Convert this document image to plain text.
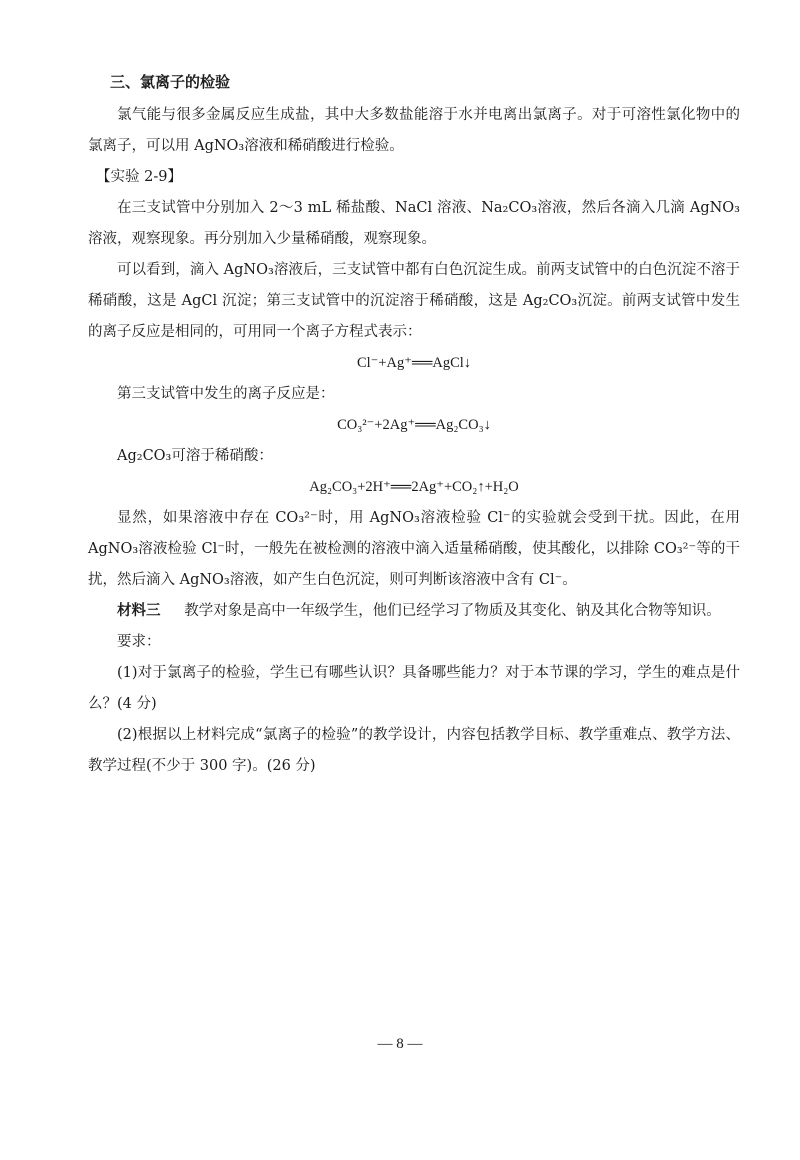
三、氯离子的检验

氯气能与很多金属反应生成盐，其中大多数盐能溶于水并电离出氯离子。对于可溶性氯化物中的氯离子，可以用 AgNO₃溶液和稀硝酸进行检验。

【实验 2-9】

在三支试管中分别加入 2～3 mL 稀盐酸、NaCl 溶液、Na₂CO₃溶液，然后各滴入几滴 AgNO₃溶液，观察现象。再分别加入少量稀硝酸，观察现象。

可以看到，滴入 AgNO₃溶液后，三支试管中都有白色沉淀生成。前两支试管中的白色沉淀不溶于稀硝酸，这是 AgCl 沉淀；第三支试管中的沉淀溶于稀硝酸，这是 Ag₂CO₃沉淀。前两支试管中发生的离子反应是相同的，可用同一个离子方程式表示：

Cl⁻+Ag⁺══AgCl↓

第三支试管中发生的离子反应是：

CO₃²⁻+2Ag⁺══Ag₂CO₃↓

Ag₂CO₃可溶于稀硝酸：

Ag₂CO₃+2H⁺══2Ag⁺+CO₂↑+H₂O

显然，如果溶液中存在 CO₃²⁻时，用 AgNO₃溶液检验 Cl⁻的实验就会受到干扰。因此，在用 AgNO₃溶液检验 Cl⁻时，一般先在被检测的溶液中滴入适量稀硝酸，使其酸化，以排除 CO₃²⁻等的干扰，然后滴入 AgNO₃溶液，如产生白色沉淀，则可判断该溶液中含有 Cl⁻。

材料三 　 教学对象是高中一年级学生，他们已经学习了物质及其变化、钠及其化合物等知识。

要求：

(1)对于氯离子的检验，学生已有哪些认识？具备哪些能力？对于本节课的学习，学生的难点是什么？(4 分)

(2)根据以上材料完成“氯离子的检验”的教学设计，内容包括教学目标、教学重难点、教学方法、教学过程(不少于 300 字)。(26 分)

— 8 —
